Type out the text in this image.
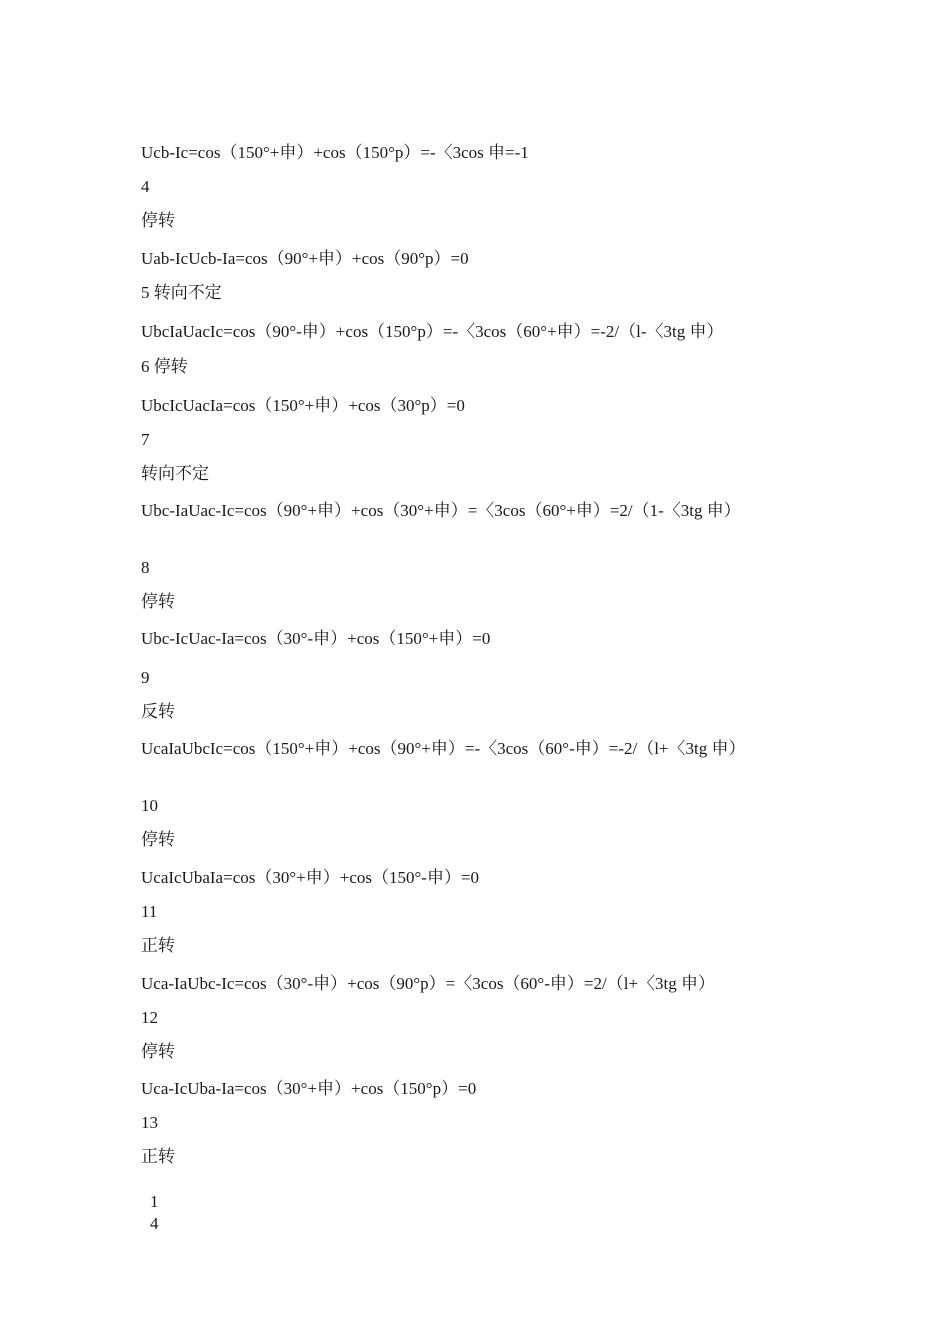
Ucb-Ic=cos（150°+申）+cos（150°p）=-〈3cos 申=-1
4
停转
Uab-IcUcb-Ia=cos（90°+申）+cos（90°p）=0
5 转向不定
UbcIaUacIc=cos（90°-申）+cos（150°p）=-〈3cos（60°+申）=-2/（l-〈3tg 申）
6 停转
UbcIcUacIa=cos（150°+申）+cos（30°p）=0
7
转向不定
Ubc-IaUac-Ic=cos（90°+申）+cos（30°+申）=〈3cos（60°+申）=2/（1-〈3tg 申）
8
停转
Ubc-IcUac-Ia=cos（30°-申）+cos（150°+申）=0
9
反转
UcaIaUbcIc=cos（150°+申）+cos（90°+申）=-〈3cos（60°-申）=-2/（l+〈3tg 申）
10
停转
UcaIcUbaIa=cos（30°+申）+cos（150°-申）=0
11
正转
Uca-IaUbc-Ic=cos（30°-申）+cos（90°p）=〈3cos（60°-申）=2/（l+〈3tg 申）
12
停转
Uca-IcUba-Ia=cos（30°+申）+cos（150°p）=0
13
正转
1
4
